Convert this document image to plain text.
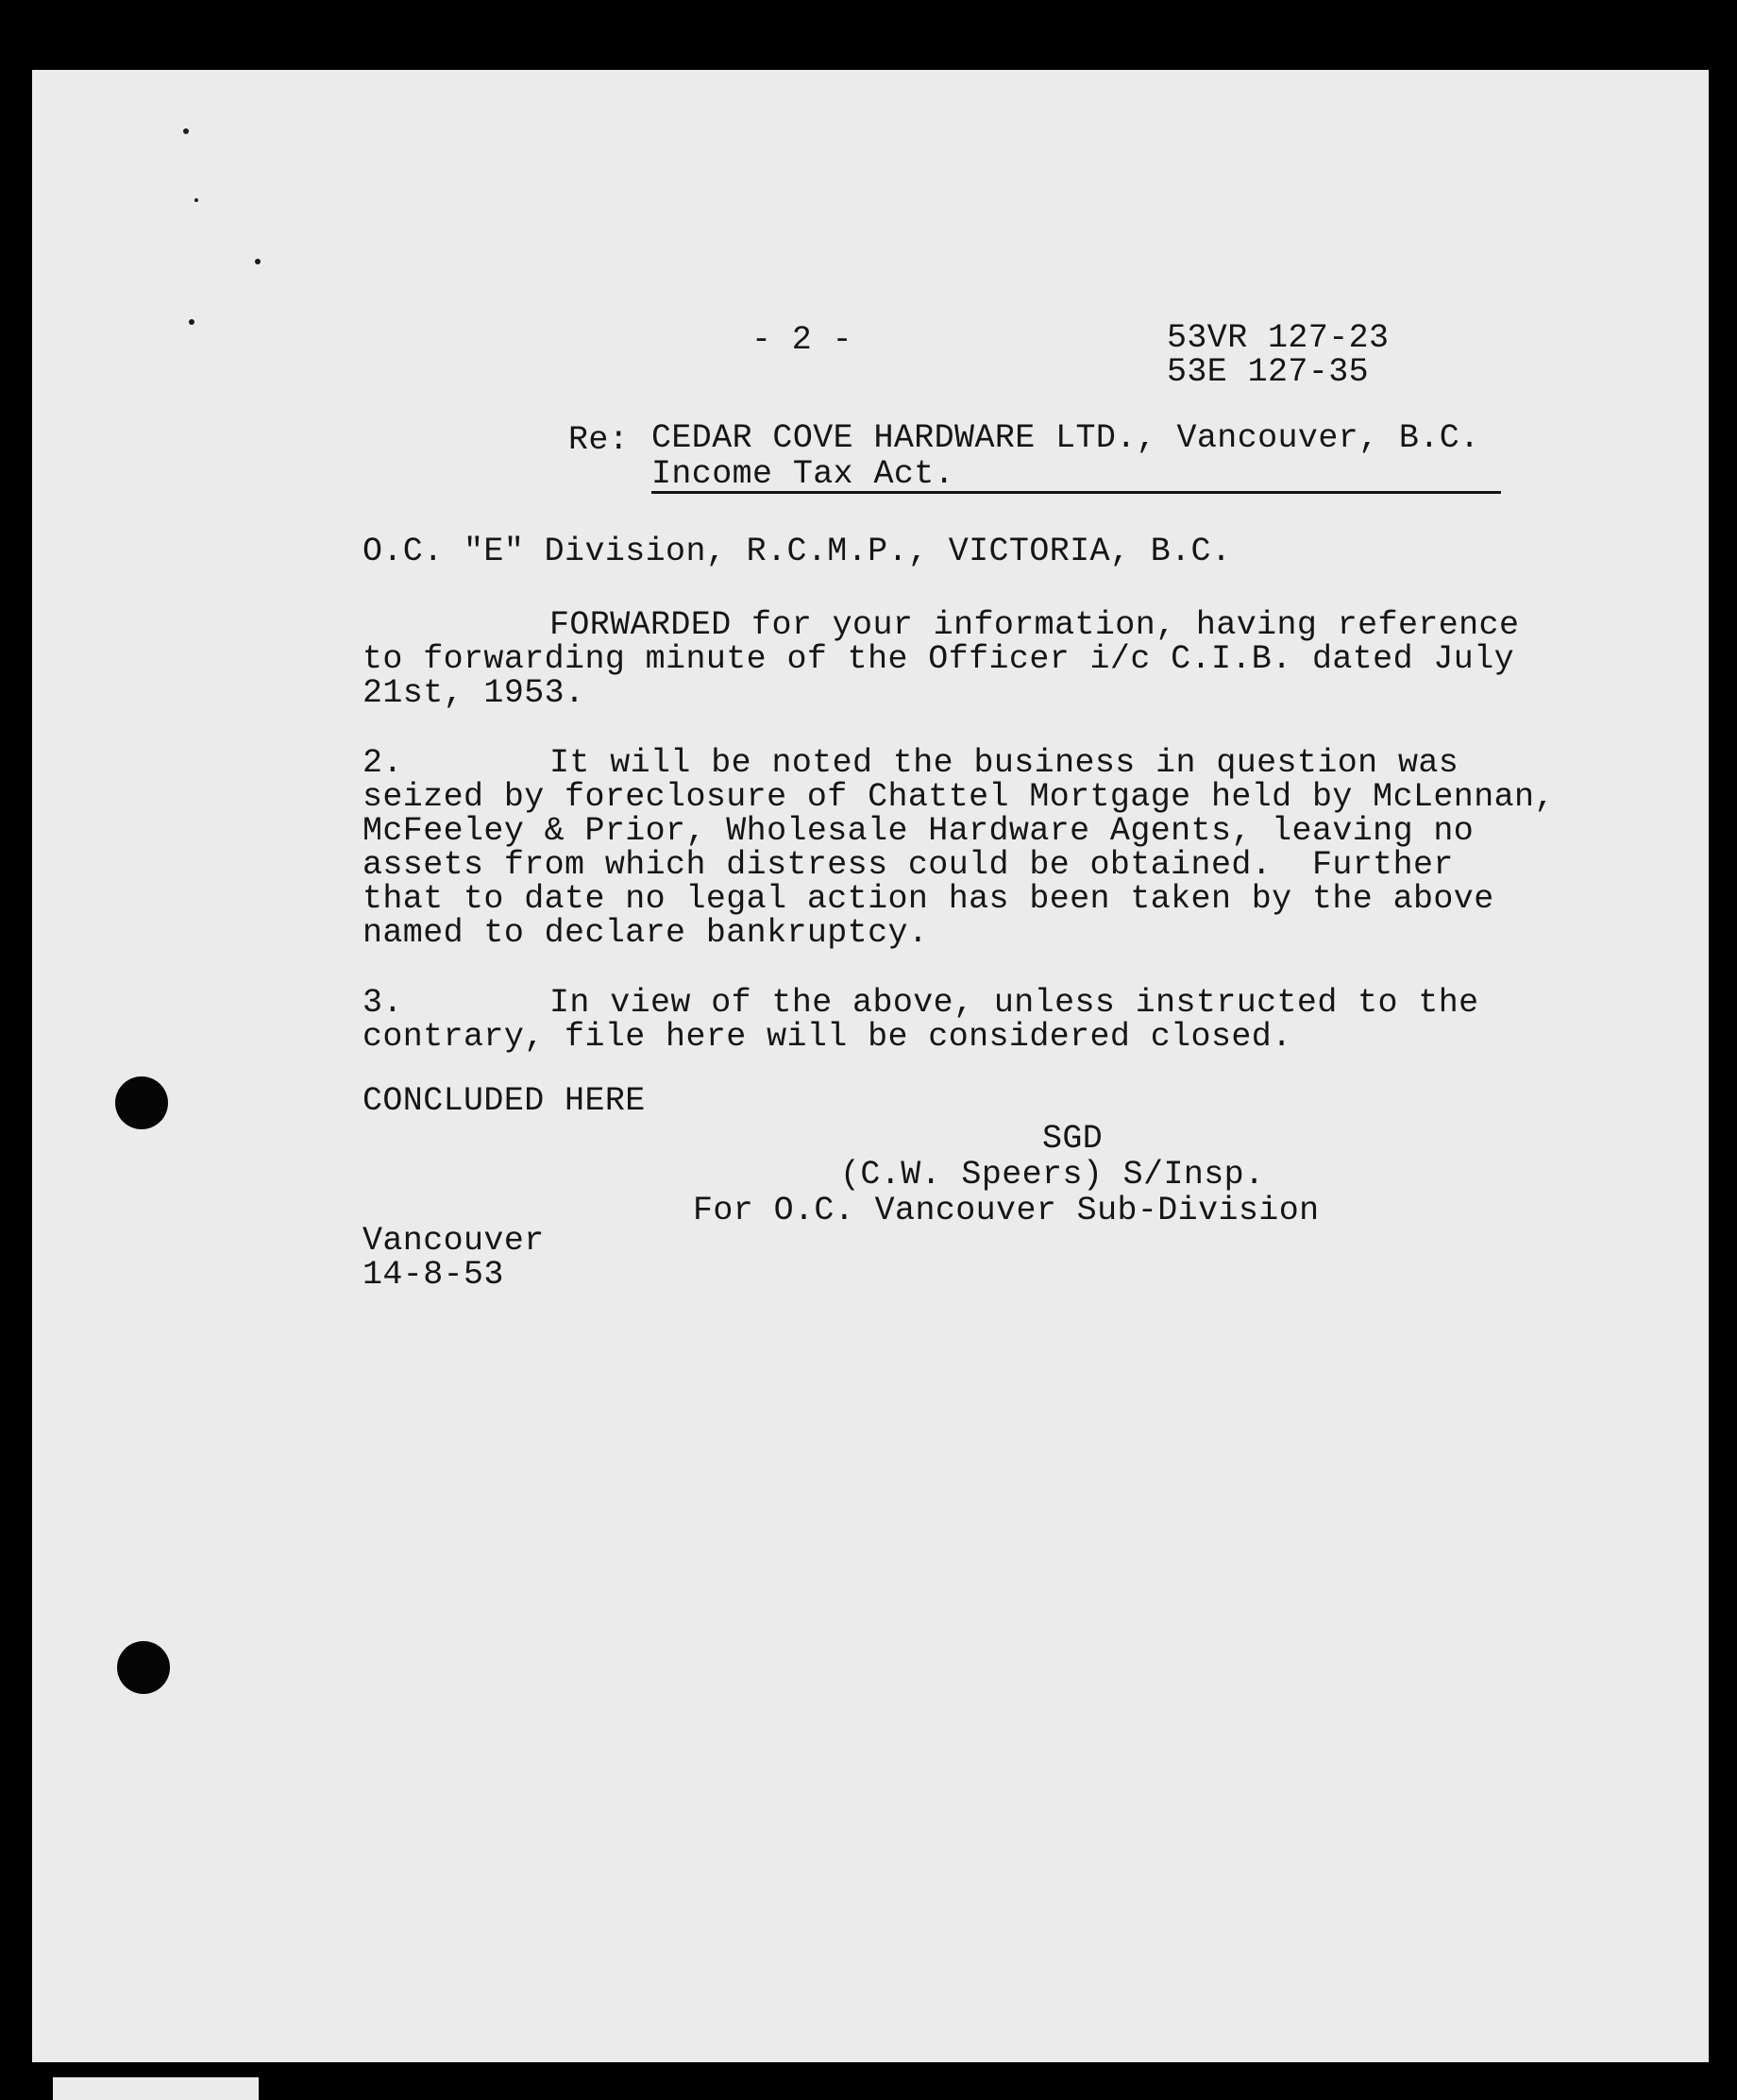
- 2 -	53VR 127-23

53E 127-35

Re: CEDAR COVE HARDWARE LTD., Vancouver, B.C.

Income Tax Act.

O.C. "E" Division, R.C.M.P., VICTORIA, B.C.

FORWARDED for your information, having reference

to forwarding minute of the Officer i/c C.I.B. dated July

21st, 1953.

2.	It will be noted the business in question was

seized by foreclosure of Chattel Mortgage held by McLennan,

McFeeley & Prior, Wholesale Hardware Agents, leaving no

assets from which distress could be obtained.  Further

that to date no legal action has been taken by the above

named to declare bankruptcy.

3.	In view of the above, unless instructed to the

contrary, file here will be considered closed.

CONCLUDED HERE

SGD

(C.W. Speers) S/Insp.

For O.C. Vancouver Sub-Division

Vancouver

14-8-53
